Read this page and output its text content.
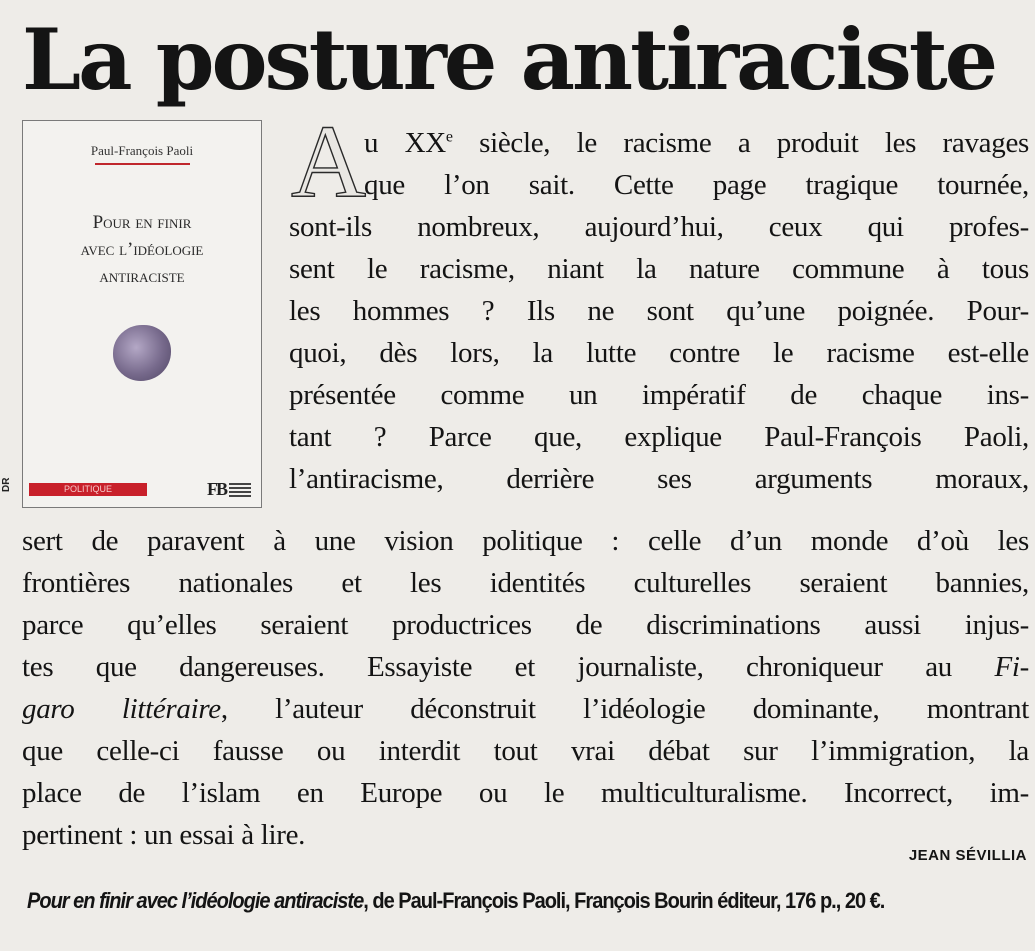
La posture antiraciste
Paul-François Paoli
Pour en finir
avec l’idéologie
antiraciste
POLITIQUE	FB
DR
A

u XXe siècle, le racisme a produit les ravages

que l’on sait. Cette page tragique tournée,

sont-ils nombreux, aujourd’hui, ceux qui profes-

sent le racisme, niant la nature commune à tous

les hommes ? Ils ne sont qu’une poignée. Pour-

quoi, dès lors, la lutte contre le racisme est-elle

présentée comme un impératif de chaque ins-

tant ? Parce que, explique Paul-François Paoli,

l’antiracisme, derrière ses arguments moraux,

sert de paravent à une vision politique : celle d’un monde d’où les

frontières nationales et les identités culturelles seraient bannies,

parce qu’elles seraient productrices de discriminations aussi injus-

tes que dangereuses. Essayiste et journaliste, chroniqueur au Fi-

garo littéraire, l’auteur déconstruit l’idéologie dominante, montrant

que celle-ci fausse ou interdit tout vrai débat sur l’immigration, la

place de l’islam en Europe ou le multiculturalisme. Incorrect, im-

pertinent : un essai à lire.

JEAN SÉVILLIA

Pour en finir avec l’idéologie antiraciste, de Paul-François Paoli, François Bourin éditeur, 176 p., 20 €.
